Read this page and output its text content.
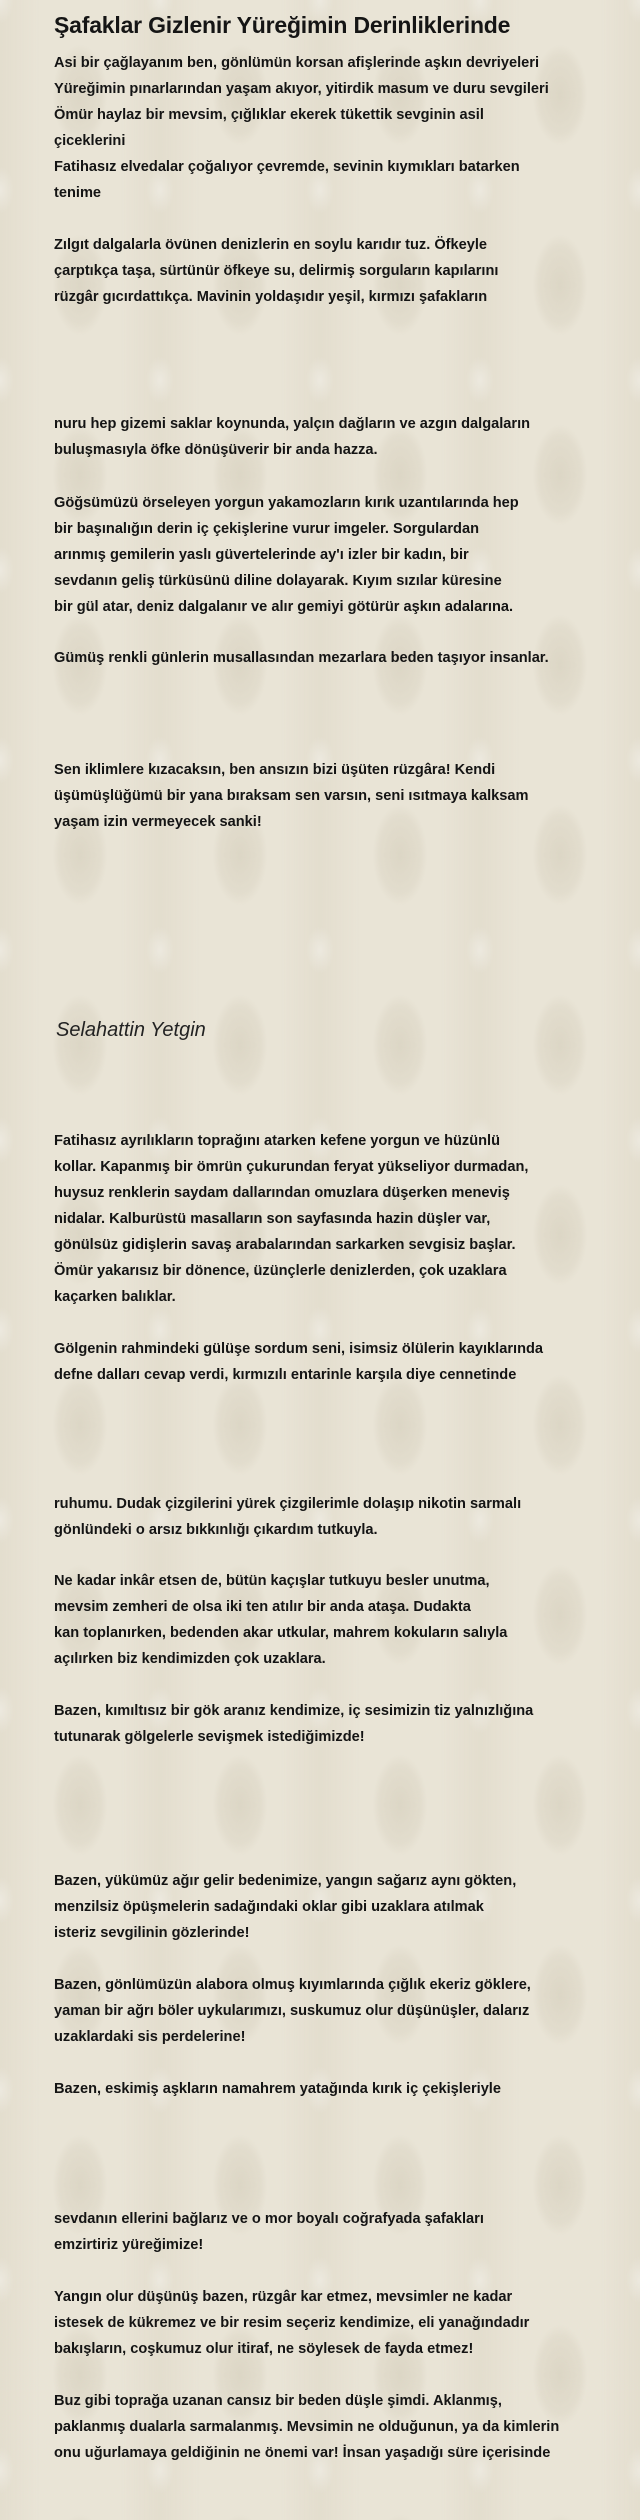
Şafaklar Gizlenir Yüreğimin Derinliklerinde

Asi bir çağlayanım ben, gönlümün korsan afişlerinde aşkın devriyeleri
Yüreğimin pınarlarından yaşam akıyor, yitirdik masum ve duru sevgileri
Ömür haylaz bir mevsim, çığlıklar ekerek tükettik sevginin asil
çiceklerini
Fatihasız elvedalar çoğalıyor çevremde, sevinin kıymıkları batarken
tenime

Zılgıt dalgalarla övünen denizlerin en soylu karıdır tuz. Öfkeyle
çarptıkça taşa, sürtünür öfkeye su, delirmiş sorguların kapılarını
rüzgâr gıcırdattıkça. Mavinin yoldaşıdır yeşil, kırmızı şafakların

nuru hep gizemi saklar koynunda, yalçın dağların ve azgın dalgaların
buluşmasıyla öfke dönüşüverir bir anda hazza.

Göğsümüzü örseleyen yorgun yakamozların kırık uzantılarında hep
bir başınalığın derin iç çekişlerine vurur imgeler. Sorgulardan
arınmış gemilerin yaslı güvertelerinde ay'ı izler bir kadın, bir
sevdanın geliş türküsünü diline dolayarak. Kıyım sızılar küresine
bir gül atar, deniz dalgalanır ve alır gemiyi götürür aşkın adalarına.

Gümüş renkli günlerin musallasından mezarlara beden taşıyor insanlar.

Sen iklimlere kızacaksın, ben ansızın bizi üşüten rüzgâra! Kendi
üşümüşlüğümü bir yana bıraksam sen varsın, seni ısıtmaya kalksam
yaşam izin vermeyecek sanki!

Selahattin Yetgin

Fatihasız ayrılıkların toprağını atarken kefene yorgun ve hüzünlü
kollar. Kapanmış bir ömrün çukurundan feryat yükseliyor durmadan,
huysuz renklerin saydam dallarından omuzlara düşerken meneviş
nidalar. Kalburüstü masalların son sayfasında hazin düşler var,
gönülsüz gidişlerin savaş arabalarından sarkarken sevgisiz başlar.
Ömür yakarısız bir dönence, üzünçlerle denizlerden, çok uzaklara
kaçarken balıklar.

Gölgenin rahmindeki gülüşe sordum seni, isimsiz ölülerin kayıklarında
defne dalları cevap verdi, kırmızılı entarinle karşıla diye cennetinde

ruhumu. Dudak çizgilerini yürek çizgilerimle dolaşıp nikotin sarmalı
gönlündeki o arsız bıkkınlığı çıkardım tutkuyla.

Ne kadar inkâr etsen de, bütün kaçışlar tutkuyu besler unutma,
mevsim zemheri de olsa iki ten atılır bir anda ataşa. Dudakta
kan toplanırken, bedenden akar utkular, mahrem kokuların salıyla
açılırken biz kendimizden çok uzaklara.

Bazen, kımıltısız bir gök aranız kendimize, iç sesimizin tiz yalnızlığına
tutunarak gölgelerle sevişmek istediğimizde!

Bazen, yükümüz ağır gelir bedenimize, yangın sağarız aynı gökten,
menzilsiz öpüşmelerin sadağındaki oklar gibi uzaklara atılmak
isteriz sevgilinin gözlerinde!

Bazen, gönlümüzün alabora olmuş kıyımlarında çığlık ekeriz göklere,
yaman bir ağrı böler uykularımızı, suskumuz olur düşünüşler, dalarız
uzaklardaki sis perdelerine!

Bazen, eskimiş aşkların namahrem yatağında kırık iç çekişleriyle

sevdanın ellerini bağlarız ve o mor boyalı coğrafyada şafakları
emzirtiriz yüreğimize!

Yangın olur düşünüş bazen, rüzgâr kar etmez, mevsimler ne kadar
istesek de kükremez ve bir resim seçeriz kendimize, eli yanağındadır
bakışların, coşkumuz olur itiraf, ne söylesek de fayda etmez!

Buz gibi toprağa uzanan cansız bir beden düşle şimdi. Aklanmış,
paklanmış dualarla sarmalanmış. Mevsimin ne olduğunun, ya da kimlerin
onu uğurlamaya geldiğinin ne önemi var! İnsan yaşadığı süre içerisinde
